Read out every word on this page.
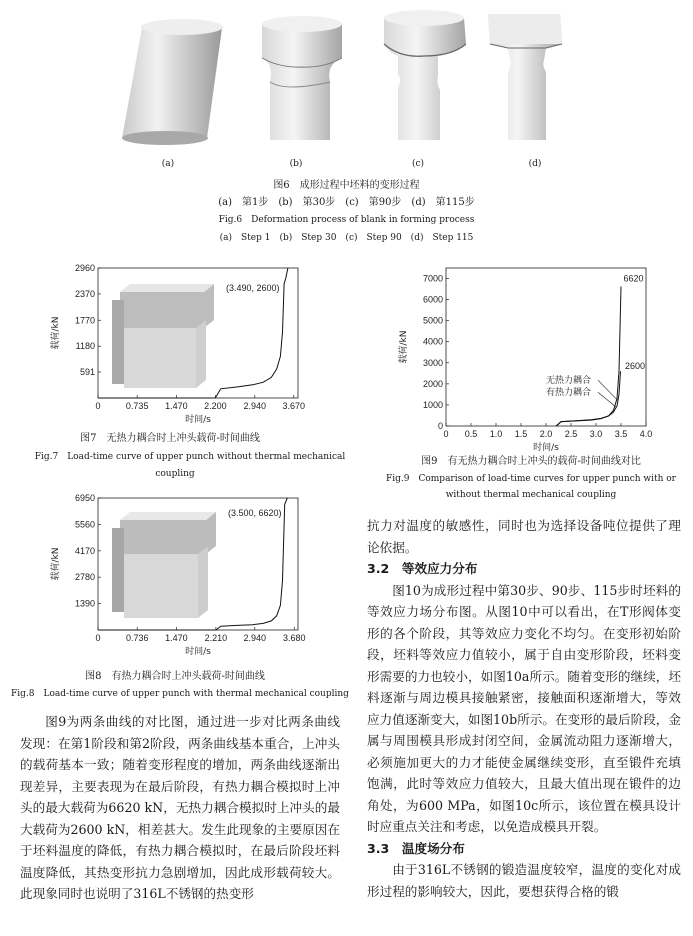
(a)	(b)	(c)	(d)
图6　成形过程中坯料的变形过程
(a)　第1步　(b)　第30步　(c)　第90步　(d)　第115步
Fig.6　Deformation process of blank in forming process
(a)　Step 1　(b)　Step 30　(c)　Step 90　(d)　Step 115
0	0.735 1.470 2.200 2.940 3.670
591
1180
1770
2370
2960
时间/s
载荷/kN
(3.490, 2600)
图7　无热力耦合时上冲头载荷-时间曲线
Fig.7　Load-time curve of upper punch without thermal mechanical
coupling
0	0.736 1.470 2.210 2.940 3.680
1390
2780
4170
5560
6950
时间/s
载荷/kN
(3.500, 6620)
图8　有热力耦合时上冲头载荷-时间曲线
Fig.8　Load-time curve of upper punch with thermal mechanical coupling
0 0.5 1.0 1.5 2.0 2.5 3.0 3.5 4.0
0
1000
2000
3000
4000
5000
6000
7000
时间/s
载荷/kN
6620
2600
无热力耦合
有热力耦合
图9　有无热力耦合时上冲头的载荷-时间曲线对比
Fig.9　Comparison of load-time curves for upper punch with or
without thermal mechanical coupling

图9为两条曲线的对比图，通过进一步对比两条曲线发现：在第1阶段和第2阶段，两条曲线基本重合，上冲头的载荷基本一致；随着变形程度的增加，两条曲线逐渐出现差异，主要表现为在最后阶段，有热力耦合模拟时上冲头的最大载荷为6620 kN，无热力耦合模拟时上冲头的最大载荷为2600 kN，相差甚大。发生此现象的主要原因在于坯料温度的降低，有热力耦合模拟时，在最后阶段坯料温度降低，其热变形抗力急剧增加，因此成形载荷较大。此现象同时也说明了316L不锈钢的热变形

抗力对温度的敏感性，同时也为选择设备吨位提供了理论依据。

3.2　等效应力分布

图10为成形过程中第30步、90步、115步时坯料的等效应力场分布图。从图10中可以看出，在T形阀体变形的各个阶段，其等效应力变化不均匀。在变形初始阶段，坯料等效应力值较小，属于自由变形阶段，坯料变形需要的力也较小，如图10a所示。随着变形的继续，坯料逐渐与周边模具接触紧密，接触面积逐渐增大，等效应力值逐渐变大，如图10b所示。在变形的最后阶段，金属与周围模具形成封闭空间，金属流动阻力逐渐增大，必须施加更大的力才能使金属继续变形，直至锻件充填饱满，此时等效应力值较大，且最大值出现在锻件的边角处，为600 MPa，如图10c所示，该位置在模具设计时应重点关注和考虑，以免造成模具开裂。

3.3　温度场分布

由于316L不锈钢的锻造温度较窄，温度的变化对成形过程的影响较大，因此，要想获得合格的锻
